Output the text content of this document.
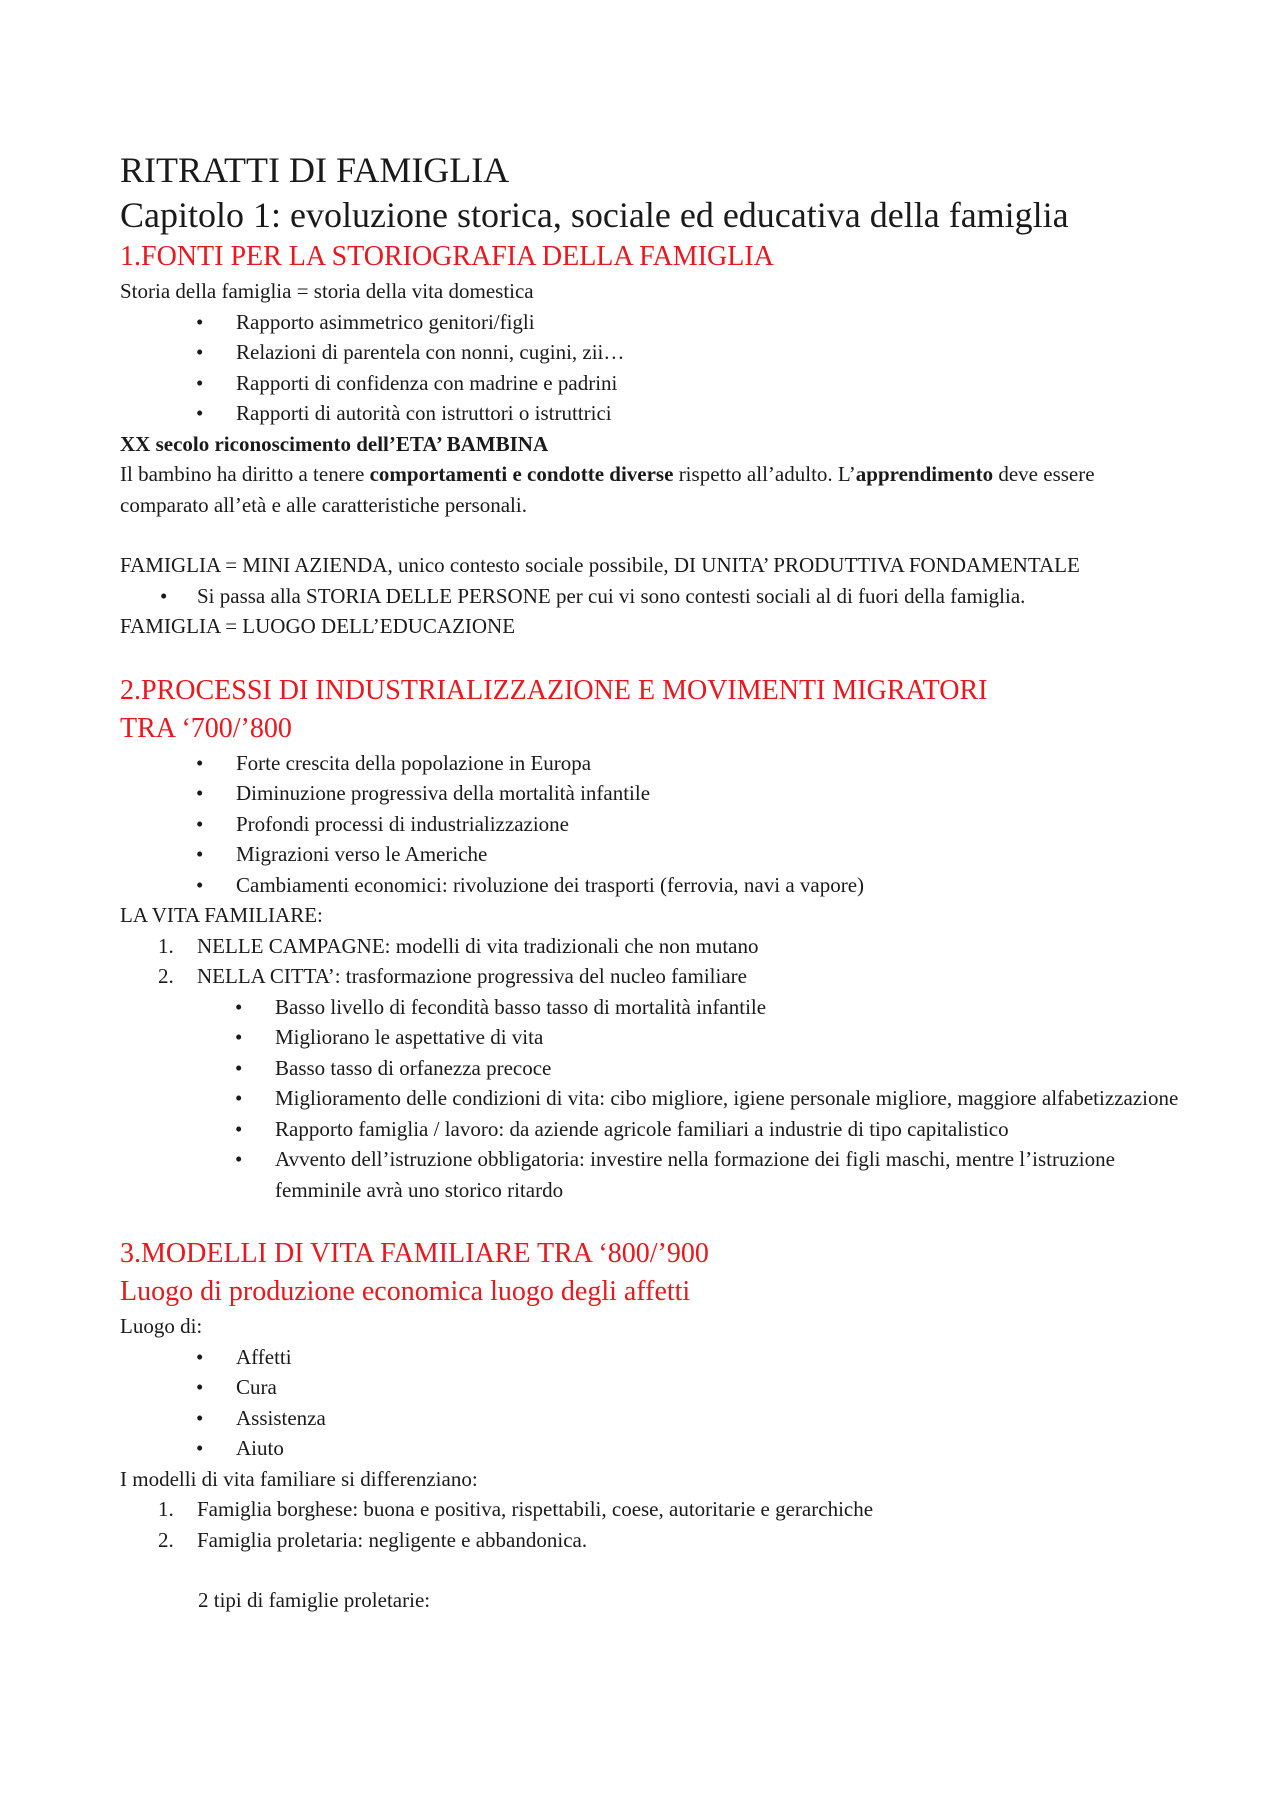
RITRATTI DI FAMIGLIA
Capitolo 1: evoluzione storica, sociale ed educativa della famiglia
1.FONTI PER LA STORIOGRAFIA DELLA FAMIGLIA

Storia della famiglia = storia della vita domestica

• Rapporto asimmetrico genitori/figli
• Relazioni di parentela con nonni, cugini, zii…
• Rapporti di confidenza con madrine e padrini
• Rapporti di autorità con istruttori o istruttrici

XX secolo riconoscimento dell’ETA’ BAMBINA

Il bambino ha diritto a tenere comportamenti e condotte diverse rispetto all’adulto. L’apprendimento deve essere comparato all’età e alle caratteristiche personali.

FAMIGLIA = MINI AZIENDA, unico contesto sociale possibile, DI UNITA’ PRODUTTIVA FONDAMENTALE

• Si passa alla STORIA DELLE PERSONE per cui vi sono contesti sociali al di fuori della famiglia.

FAMIGLIA = LUOGO DELL’EDUCAZIONE

2.PROCESSI DI INDUSTRIALIZZAZIONE E MOVIMENTI MIGRATORI
TRA ‘700/’800
• Forte crescita della popolazione in Europa
• Diminuzione progressiva della mortalità infantile
• Profondi processi di industrializzazione
• Migrazioni verso le Americhe
• Cambiamenti economici: rivoluzione dei trasporti (ferrovia, navi a vapore)

LA VITA FAMILIARE:

1. NELLE CAMPAGNE: modelli di vita tradizionali che non mutano
2. NELLA CITTA’: trasformazione progressiva del nucleo familiare
• Basso livello di fecondità basso tasso di mortalità infantile
• Migliorano le aspettative di vita
• Basso tasso di orfanezza precoce
• Miglioramento delle condizioni di vita: cibo migliore, igiene personale migliore, maggiore alfabetizzazione
• Rapporto famiglia / lavoro: da aziende agricole familiari a industrie di tipo capitalistico
• Avvento dell’istruzione obbligatoria: investire nella formazione dei figli maschi, mentre l’istruzione femminile avrà uno storico ritardo
3.MODELLI DI VITA FAMILIARE TRA ‘800/’900
Luogo di produzione economica luogo degli affetti

Luogo di:

• Affetti
• Cura
• Assistenza
• Aiuto

I modelli di vita familiare si differenziano:

1. Famiglia borghese: buona e positiva, rispettabili, coese, autoritarie e gerarchiche
2. Famiglia proletaria: negligente e abbandonica.

2 tipi di famiglie proletarie:
